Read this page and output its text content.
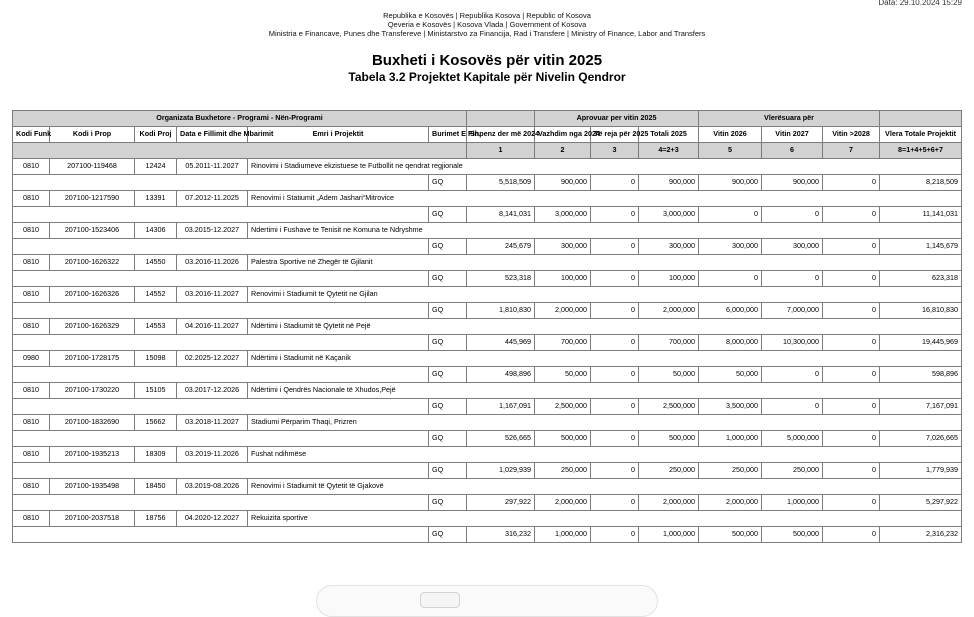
Data: 29.10.2024 15:29
Republika e Kosovës | Republika Kosova | Republic of Kosova
Qeveria e Kosovës | Kosova Vlada | Government of Kosova
Ministria e Financave, Punes dhe Transfereve | Ministarstvo za Financija, Rad i Transfere | Ministry of Finance, Labor and Transfers
Buxheti i Kosovës për vitin 2025
Tabela 3.2 Projektet Kapitale për Nivelin Qendror
Organizata Buxhetore - Programi - Nën-Programi							Aprovuar per vitin 2025			Vlerësuara për			
Kodi Funk	Kodi i Prop	Kodi Proj	Data e Fillimit dhe Mbarimit	Emri i Projektit	Burimet E Fin.	Shpenz der më 2024	Vazhdim nga 2024	Të reja për 2025	Totali 2025	Vitin 2026	Vitin 2027	Vitin >2028	Vlera Totale Projektit
						1	2	3	4=2+3	5	6	7	8=1+4+5+6+7
0810	207100-119468	12424	05.2011-11.2027	Rinovimi i Stadiumeve ekzistuese te Futbollit ne qendrat regjionale									
					GQ	5,518,509	900,000	0	900,000	900,000	900,000	0	8,218,509
0810	207100-1217590	13391	07.2012-11.2025	Renovimi i Statiumit „Adem Jashari“Mitrovice									
					GQ	8,141,031	3,000,000	0	3,000,000	0	0	0	11,141,031
0810	207100-1523406	14306	03.2015-12.2027	Ndertimi i Fushave te Tenisit ne Komuna te Ndryshme									
					GQ	245,679	300,000	0	300,000	300,000	300,000	0	1,145,679
0810	207100-1626322	14550	03.2016-11.2026	Palestra Sportive në Zhegër të Gjilanit									
					GQ	523,318	100,000	0	100,000	0	0	0	623,318
0810	207100-1626326	14552	03.2016-11.2027	Renovimi i Stadiumit te Qytetit ne Gjilan									
					GQ	1,810,830	2,000,000	0	2,000,000	6,000,000	7,000,000	0	16,810,830
0810	207100-1626329	14553	04.2016-11.2027	Ndërtimi i Stadiumit të Qytetit në Pejë									
					GQ	445,969	700,000	0	700,000	8,000,000	10,300,000	0	19,445,969
0980	207100-1728175	15098	02.2025-12.2027	Ndërtimi i Stadiumit në Kaçanik									
					GQ	498,896	50,000	0	50,000	50,000	0	0	598,896
0810	207100-1730220	15105	03.2017-12.2026	Ndërtimi i Qendrës Nacionale të Xhudos,Pejë									
					GQ	1,167,091	2,500,000	0	2,500,000	3,500,000	0	0	7,167,091
0810	207100-1832690	15662	03.2018-11.2027	Stadiumi Përparim Thaqi, Prizren									
					GQ	526,665	500,000	0	500,000	1,000,000	5,000,000	0	7,026,665
0810	207100-1935213	18309	03.2019-11.2026	Fushat ndihmëse									
					GQ	1,029,939	250,000	0	250,000	250,000	250,000	0	1,779,939
0810	207100-1935498	18450	03.2019-08.2026	Renovimi i Stadiumit të Qytetit të Gjakovë									
					GQ	297,922	2,000,000	0	2,000,000	2,000,000	1,000,000	0	5,297,922
0810	207100-2037518	18756	04.2020-12.2027	Rekuizita sportive									
					GQ	316,232	1,000,000	0	1,000,000	500,000	500,000	0	2,316,232
